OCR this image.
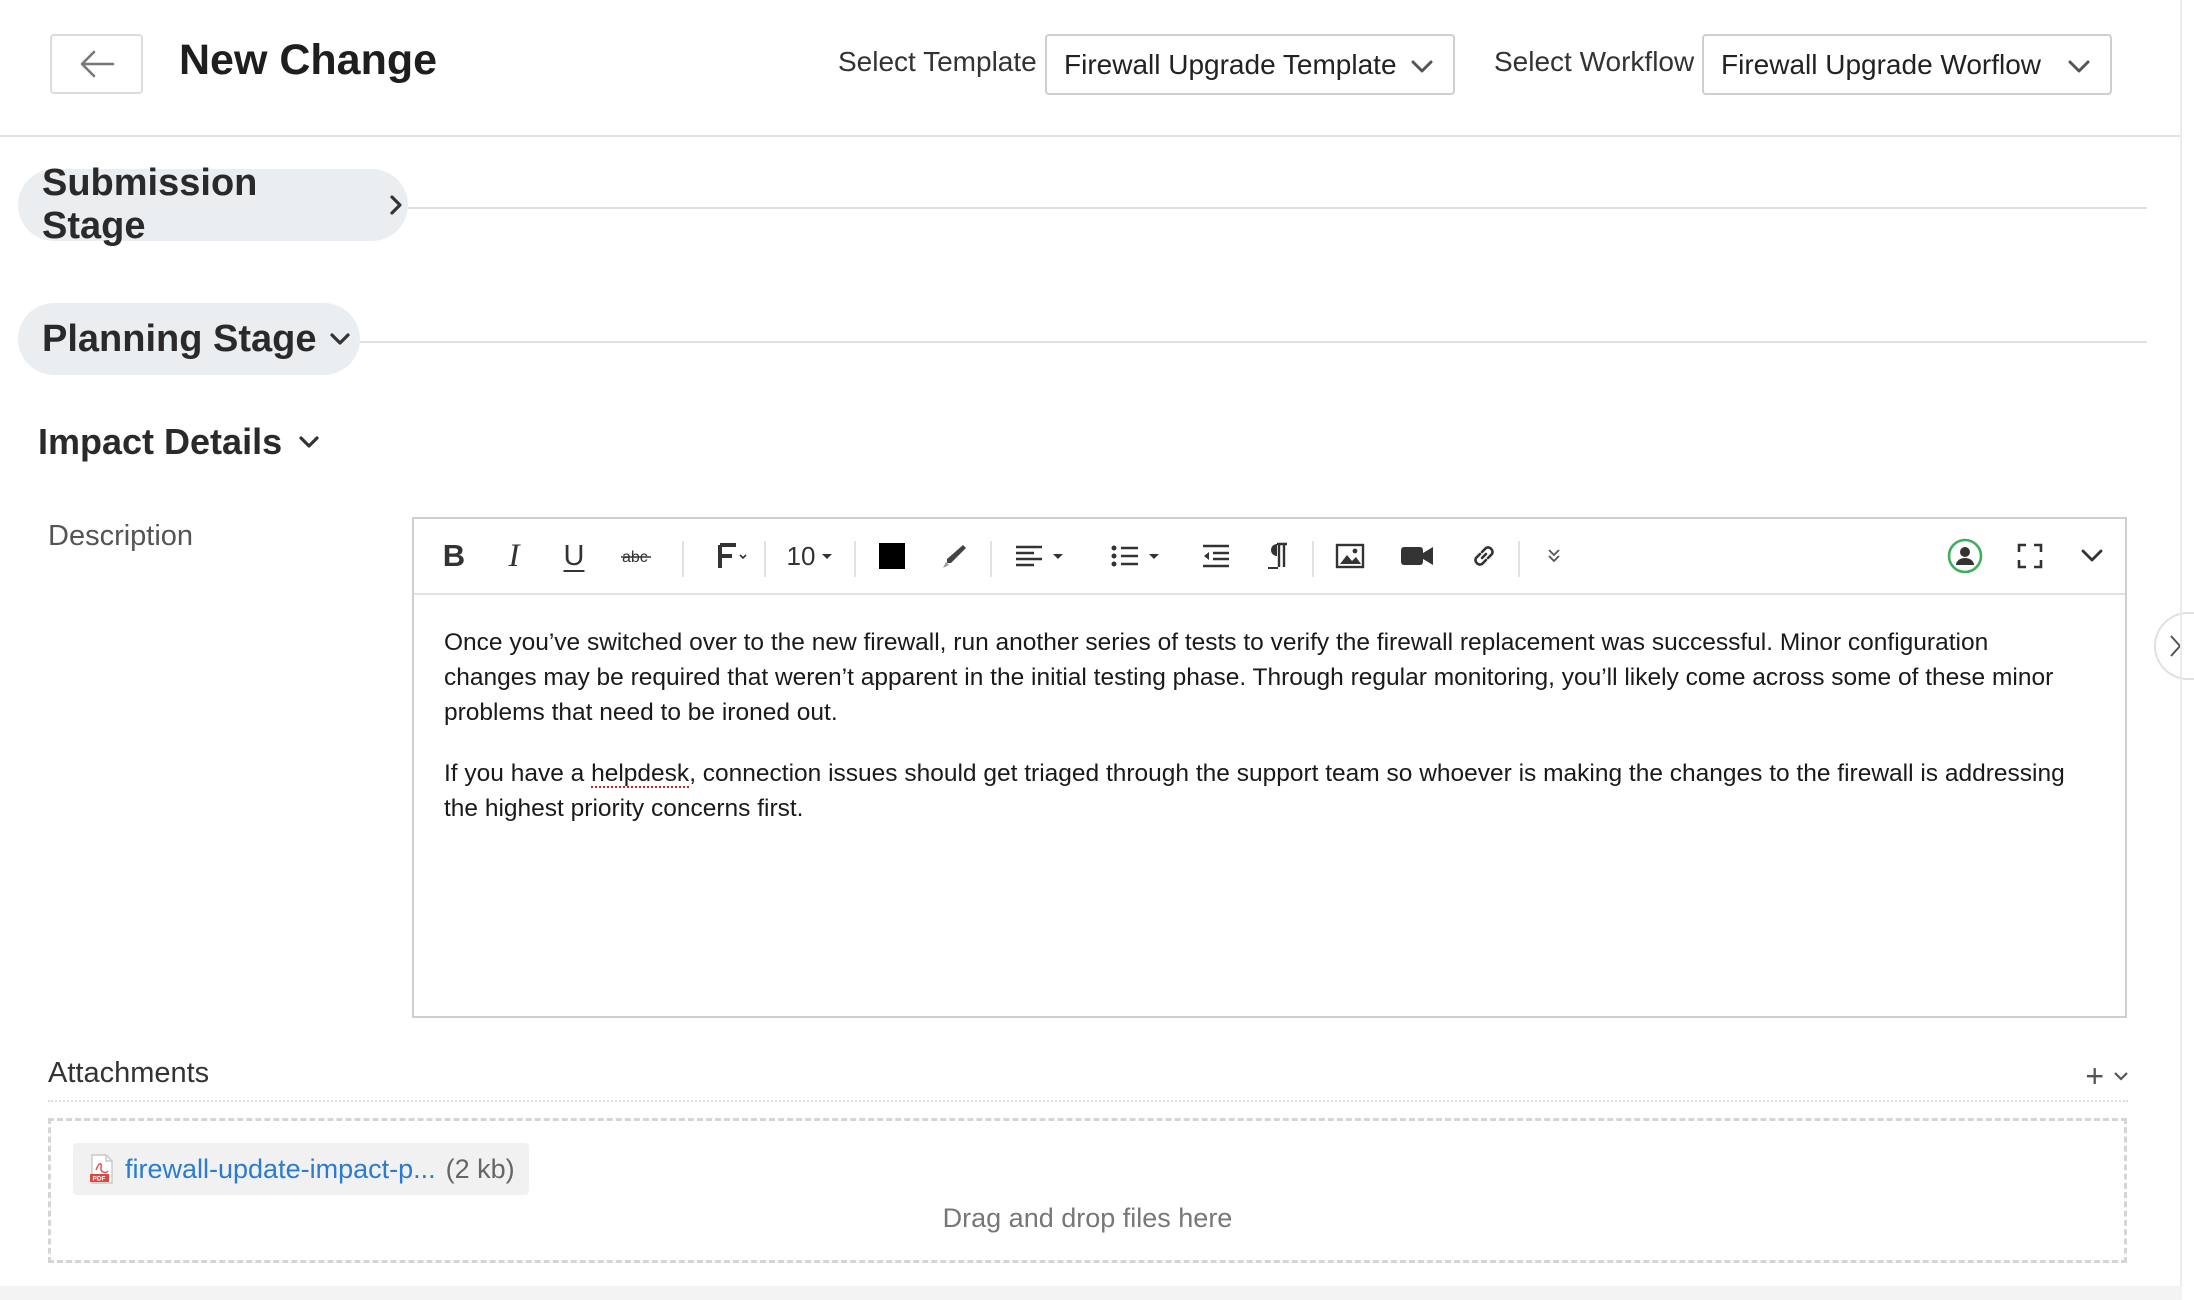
New Change	Select Template Firewall Upgrade Template	Select Workflow Firewall Upgrade Worflow
Submission Stage
Planning Stage
Impact Details
Description
B I U abc	10

Once you’ve switched over to the new firewall, run another series of tests to verify the firewall replacement was successful. Minor configuration changes may be required that weren’t apparent in the initial testing phase. Through regular monitoring, you’ll likely come across some of these minor problems that need to be ironed out.

If you have a helpdesk, connection issues should get triaged through the support team so whoever is making the changes to the firewall is addressing the highest priority concerns first.

Attachments	+
PDF firewall-update-impact-p... (2 kb)
Drag and drop files here
